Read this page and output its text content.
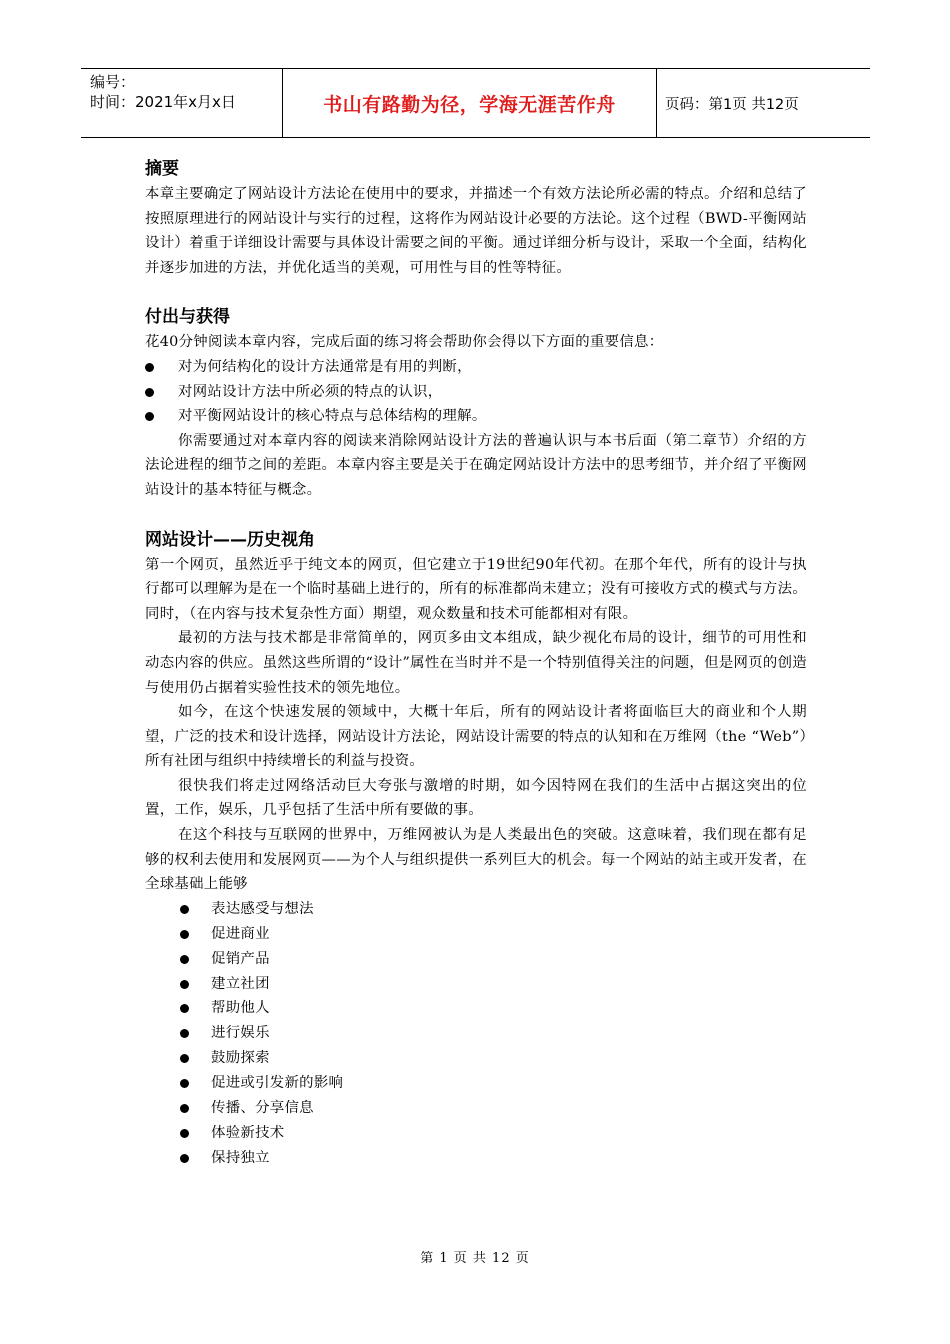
编号：
时间：2021年x月x日	书山有路勤为径，学海无涯苦作舟	页码：第1页 共12页
摘要

本章主要确定了网站设计方法论在使用中的要求，并描述一个有效方法论所必需的特点。介绍和总结了按照原理进行的网站设计与实行的过程，这将作为网站设计必要的方法论。这个过程（BWD-平衡网站设计）着重于详细设计需要与具体设计需要之间的平衡。通过详细分析与设计，采取一个全面，结构化并逐步加进的方法，并优化适当的美观，可用性与目的性等特征。

付出与获得

花40分钟阅读本章内容，完成后面的练习将会帮助你会得以下方面的重要信息：

对为何结构化的设计方法通常是有用的判断，
对网站设计方法中所必须的特点的认识，
对平衡网站设计的核心特点与总体结构的理解。

你需要通过对本章内容的阅读来消除网站设计方法的普遍认识与本书后面（第二章节）介绍的方法论进程的细节之间的差距。本章内容主要是关于在确定网站设计方法中的思考细节，并介绍了平衡网站设计的基本特征与概念。

网站设计——历史视角

第一个网页，虽然近乎于纯文本的网页，但它建立于19世纪90年代初。在那个年代，所有的设计与执行都可以理解为是在一个临时基础上进行的，所有的标准都尚未建立；没有可接收方式的模式与方法。同时，（在内容与技术复杂性方面）期望，观众数量和技术可能都相对有限。

最初的方法与技术都是非常简单的，网页多由文本组成，缺少视化布局的设计，细节的可用性和动态内容的供应。虽然这些所谓的“设计”属性在当时并不是一个特别值得关注的问题，但是网页的创造与使用仍占据着实验性技术的领先地位。

如今，在这个快速发展的领域中，大概十年后，所有的网站设计者将面临巨大的商业和个人期望，广泛的技术和设计选择，网站设计方法论，网站设计需要的特点的认知和在万维网（the “Web”）所有社团与组织中持续增长的利益与投资。

很快我们将走过网络活动巨大夸张与激增的时期，如今因特网在我们的生活中占据这突出的位置，工作，娱乐，几乎包括了生活中所有要做的事。

在这个科技与互联网的世界中，万维网被认为是人类最出色的突破。这意味着，我们现在都有足够的权利去使用和发展网页——为个人与组织提供一系列巨大的机会。每一个网站的站主或开发者，在全球基础上能够

表达感受与想法
促进商业
促销产品
建立社团
帮助他人
进行娱乐
鼓励探索
促进或引发新的影响
传播、分享信息
体验新技术
保持独立
第 1 页 共 12 页
